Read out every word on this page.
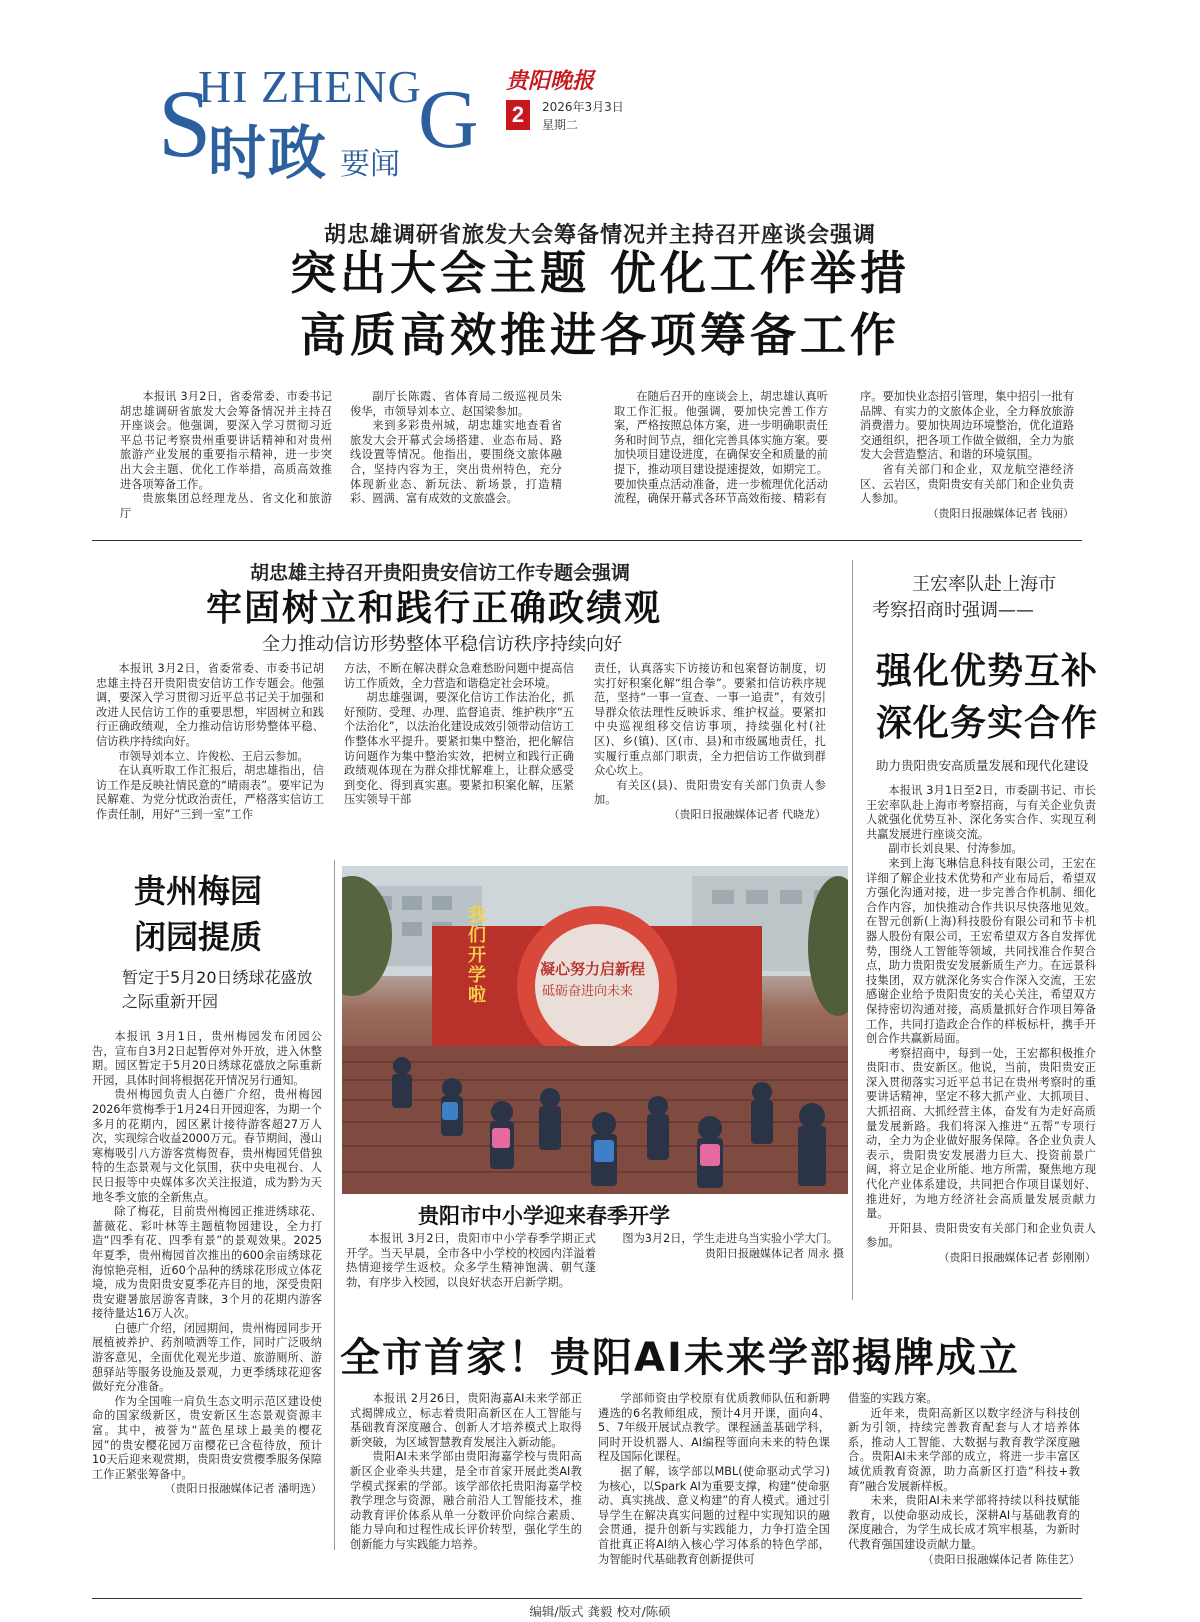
S
HI ZHENG
G
时政 要闻
贵阳晚报
2	2026年3月3日
星期二
胡忠雄调研省旅发大会筹备情况并主持召开座谈会强调
突出大会主题 优化工作举措
高质高效推进各项筹备工作

本报讯 3月2日，省委常委、市委书记胡忠雄调研省旅发大会筹备情况并主持召开座谈会。他强调，要深入学习贯彻习近平总书记考察贵州重要讲话精神和对贵州旅游产业发展的重要指示精神，进一步突出大会主题、优化工作举措，高质高效推进各项筹备工作。

贵旅集团总经理龙丛、省文化和旅游厅

副厅长陈霞、省体育局二级巡视员朱俊华，市领导刘本立、赵国梁参加。

来到多彩贵州城，胡忠雄实地查看省旅发大会开幕式会场搭建、业态布局、路线设置等情况。他指出，要围绕文旅体融合，坚持内容为王，突出贵州特色，充分体现新业态、新玩法、新场景，打造精彩、圆满、富有成效的文旅盛会。

在随后召开的座谈会上，胡忠雄认真听取工作汇报。他强调，要加快完善工作方案，严格按照总体方案，进一步明确职责任务和时间节点，细化完善具体实施方案。要加快项目建设进度，在确保安全和质量的前提下，推动项目建设提速提效，如期完工。要加快重点活动准备，进一步梳理优化活动流程，确保开幕式各环节高效衔接、精彩有

序。要加快业态招引管理，集中招引一批有品牌、有实力的文旅体企业，全力释放旅游消费潜力。要加快周边环境整治，优化道路交通组织，把各项工作做全做细，全力为旅发大会营造整洁、和谐的环境氛围。

省有关部门和企业，双龙航空港经济区、云岩区，贵阳贵安有关部门和企业负责人参加。

（贵阳日报融媒体记者 钱丽）

胡忠雄主持召开贵阳贵安信访工作专题会强调
牢固树立和践行正确政绩观
全力推动信访形势整体平稳信访秩序持续向好

本报讯 3月2日，省委常委、市委书记胡忠雄主持召开贵阳贵安信访工作专题会。他强调，要深入学习贯彻习近平总书记关于加强和改进人民信访工作的重要思想，牢固树立和践行正确政绩观，全力推动信访形势整体平稳、信访秩序持续向好。

市领导刘本立、许俊松、王启云参加。

在认真听取工作汇报后，胡忠雄指出，信访工作是反映社情民意的“晴雨表”。要牢记为民解难、为党分忧政治责任，严格落实信访工作责任制，用好“三到一室”工作

方法，不断在解决群众急难愁盼问题中提高信访工作质效，全力营造和谐稳定社会环境。

胡忠雄强调，要深化信访工作法治化，抓好预防、受理、办理、监督追责、维护秩序“五个法治化”，以法治化建设成效引领带动信访工作整体水平提升。要紧扣集中整治，把化解信访问题作为集中整治实效，把树立和践行正确政绩观体现在为群众排忧解难上，让群众感受到变化、得到真实惠。要紧扣积案化解，压紧压实领导干部

责任，认真落实下访接访和包案督访制度，切实打好积案化解“组合拳”。要紧扣信访秩序规范，坚持“一事一宣查、一事一追责”，有效引导群众依法理性反映诉求、维护权益。要紧扣中央巡视组移交信访事项，持续强化村(社区)、乡(镇)、区(市、县)和市级属地责任，扎实履行重点部门职责，全力把信访工作做到群众心坎上。

有关区(县)、贵阳贵安有关部门负责人参加。

（贵阳日报融媒体记者 代晓龙）

王宏率队赴上海市
考察招商时强调——
强化优势互补
深化务实合作
助力贵阳贵安高质量发展和现代化建设

本报讯 3月1日至2日，市委副书记、市长王宏率队赴上海市考察招商，与有关企业负责人就强化优势互补、深化务实合作、实现互利共赢发展进行座谈交流。

副市长刘良果、付涛参加。

来到上海飞琳信息科技有限公司，王宏在详细了解企业技术优势和产业布局后，希望双方强化沟通对接，进一步完善合作机制、细化合作内容，加快推动合作共识尽快落地见效。在智元创新(上海)科技股份有限公司和节卡机器人股份有限公司，王宏希望双方各自发挥优势，围绕人工智能等领域，共同找准合作契合点，助力贵阳贵安发展新质生产力。在远景科技集团，双方就深化务实合作深入交流，王宏感谢企业给予贵阳贵安的关心关注，希望双方保持密切沟通对接，高质量抓好合作项目筹备工作，共同打造政企合作的样板标杆，携手开创合作共赢新局面。

考察招商中，每到一处，王宏都积极推介贵阳市、贵安新区。他说，当前，贵阳贵安正深入贯彻落实习近平总书记在贵州考察时的重要讲话精神，坚定不移大抓产业、大抓项目、大抓招商、大抓经营主体，奋发有为走好高质量发展新路。我们将深入推进“五帮”专项行动，全力为企业做好服务保障。各企业负责人表示，贵阳贵安发展潜力巨大、投资前景广阔，将立足企业所能、地方所需，聚焦地方现代化产业体系建设，共同把合作项目谋划好、推进好，为地方经济社会高质量发展贡献力量。

开阳县、贵阳贵安有关部门和企业负责人参加。

（贵阳日报融媒体记者 彭刚刚）

贵州梅园
闭园提质
暂定于5月20日绣球花盛放之际重新开园

本报讯 3月1日，贵州梅园发布闭园公告，宣布自3月2日起暂停对外开放，进入休整期。园区暂定于5月20日绣球花盛放之际重新开园，具体时间将根据花开情况另行通知。

贵州梅园负责人白德广介绍，贵州梅园2026年赏梅季于1月24日开园迎客，为期一个多月的花期内，园区累计接待游客超27万人次，实现综合收益2000万元。春节期间，漫山寒梅吸引八方游客赏梅贺春，贵州梅园凭借独特的生态景观与文化氛围，获中央电视台、人民日报等中央媒体多次关注报道，成为黔为天地冬季文旅的全新焦点。

除了梅花，目前贵州梅园正推进绣球花、蔷薇花、彩叶林等主题植物园建设，全力打造“四季有花、四季有景”的景观效果。2025年夏季，贵州梅园首次推出的600余亩绣球花海惊艳亮相，近60个品种的绣球花形成立体花境，成为贵阳贵安夏季花卉目的地，深受贵阳贵安避暑旅居游客青睐，3个月的花期内游客接待量达16万人次。

白德广介绍，闭园期间，贵州梅园同步开展植被养护、药剂喷洒等工作，同时广泛吸纳游客意见，全面优化观光步道、旅游厕所、游憩驿站等服务设施及景观，力更季绣球花迎客做好充分准备。

作为全国唯一肩负生态文明示范区建设使命的国家级新区，贵安新区生态景观资源丰富。其中，被誉为“蓝色星球上最美的樱花园”的贵安樱花园万亩樱花已含苞待放，预计10天后迎来观赏期，贵阳贵安赏樱季服务保障工作正紧张筹备中。

（贵阳日报融媒体记者 潘明选）

凝心努力启新程
砥砺奋进向未来
我们开学啦
贵阳市中小学迎来春季开学

本报讯 3月2日，贵阳市中小学春季学期正式开学。当天早晨，全市各中小学校的校园内洋溢着热情迎接学生返校。众多学生精神饱满、朝气蓬勃，有序步入校园，以良好状态开启新学期。

图为3月2日，学生走进乌当实验小学大门。

贵阳日报融媒体记者 周永 摄

全市首家！贵阳AI未来学部揭牌成立

本报讯 2月26日，贵阳海嘉AI未来学部正式揭牌成立，标志着贵阳高新区在人工智能与基础教育深度融合、创新人才培养模式上取得新突破，为区域智慧教育发展注入新动能。

贵阳AI未来学部由贵阳海嘉学校与贵阳高新区企业牵头共建，是全市首家开展此类AI教学模式探索的学部。该学部依托贵阳海嘉学校教学理念与资源，融合前沿人工智能技术，推动教育评价体系从单一分数评价向综合素质、能力导向和过程性成长评价转型，强化学生的创新能力与实践能力培养。

学部师资由学校原有优质教师队伍和新聘遴选的6名教师组成，预计4月开课，面向4、5、7年级开展试点教学。课程涵盖基础学科，同时开设机器人、AI编程等面向未来的特色课程及国际化课程。

据了解，该学部以MBL(使命驱动式学习)为核心，以Spark AI为重要支撑，构建“使命驱动、真实挑战、意义构建”的育人模式。通过引导学生在解决真实问题的过程中实现知识的融会贯通，提升创新与实践能力，力争打造全国首批真正将AI纳入核心学习体系的特色学部，为智能时代基础教育创新提供可

借鉴的实践方案。

近年来，贵阳高新区以数字经济与科技创新为引领，持续完善教育配套与人才培养体系，推动人工智能、大数据与教育教学深度融合。贵阳AI未来学部的成立，将进一步丰富区域优质教育资源，助力高新区打造“科技+教育”融合发展新样板。

未来，贵阳AI未来学部将持续以科技赋能教育，以使命驱动成长，深耕AI与基础教育的深度融合，为学生成长成才筑牢根基，为新时代教育强国建设贡献力量。

（贵阳日报融媒体记者 陈佳艺）

编辑/版式 龚毅 校对/陈硕
